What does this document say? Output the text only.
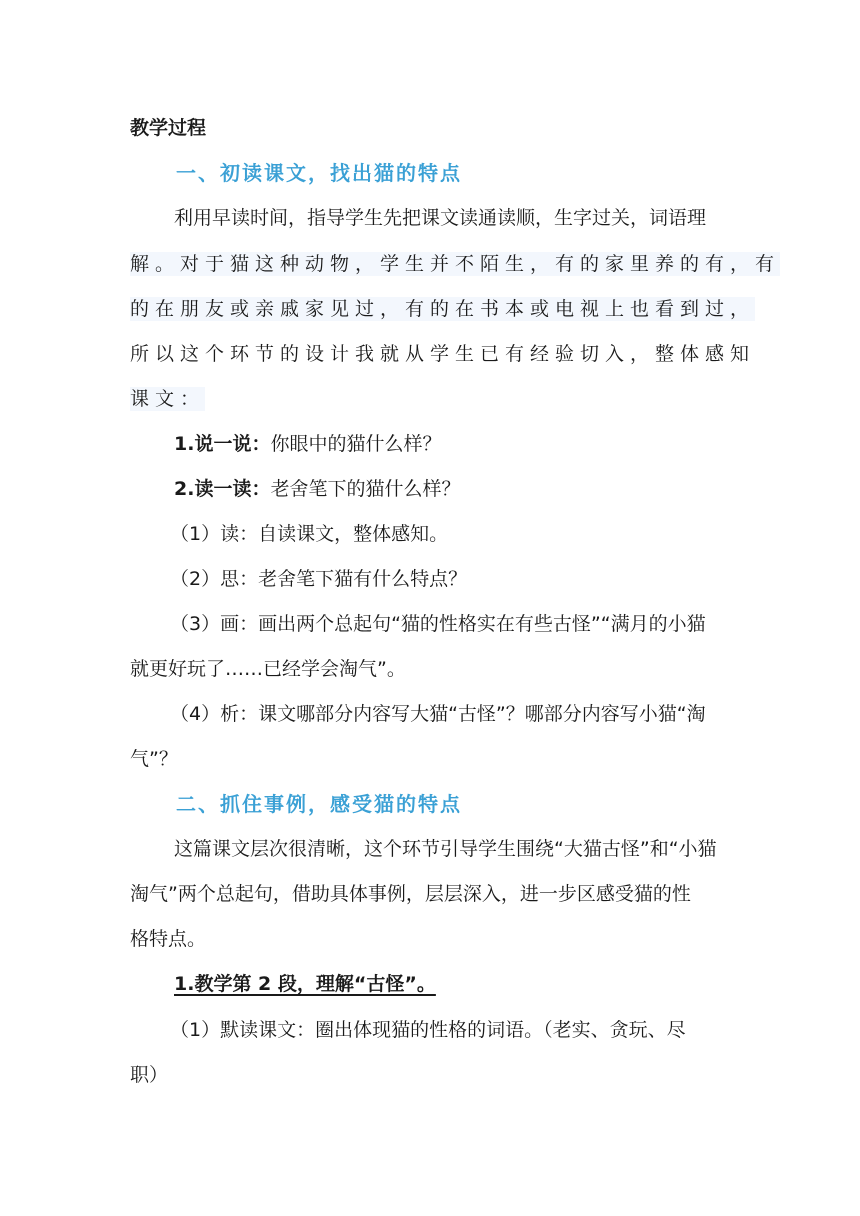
教学过程
一、初读课文，找出猫的特点
利用早读时间，指导学生先把课文读通读顺，生字过关，词语理
解。对于猫这种动物，学生并不陌生，有的家里养的有，有
的在朋友或亲戚家见过，有的在书本或电视上也看到过，
所以这个环节的设计我就从学生已有经验切入，整体感知
课文：
1.说一说：你眼中的猫什么样？
2.读一读：老舍笔下的猫什么样？
（1）读：自读课文，整体感知。
（2）思：老舍笔下猫有什么特点？
（3）画：画出两个总起句“猫的性格实在有些古怪”“满月的小猫
就更好玩了……已经学会淘气”。
（4）析：课文哪部分内容写大猫“古怪”？哪部分内容写小猫“淘
气”？
二、抓住事例，感受猫的特点
这篇课文层次很清晰，这个环节引导学生围绕“大猫古怪”和“小猫
淘气”两个总起句，借助具体事例，层层深入，进一步区感受猫的性
格特点。
1.教学第 2 段，理解“古怪”。
（1）默读课文：圈出体现猫的性格的词语。（老实、贪玩、尽
职）
